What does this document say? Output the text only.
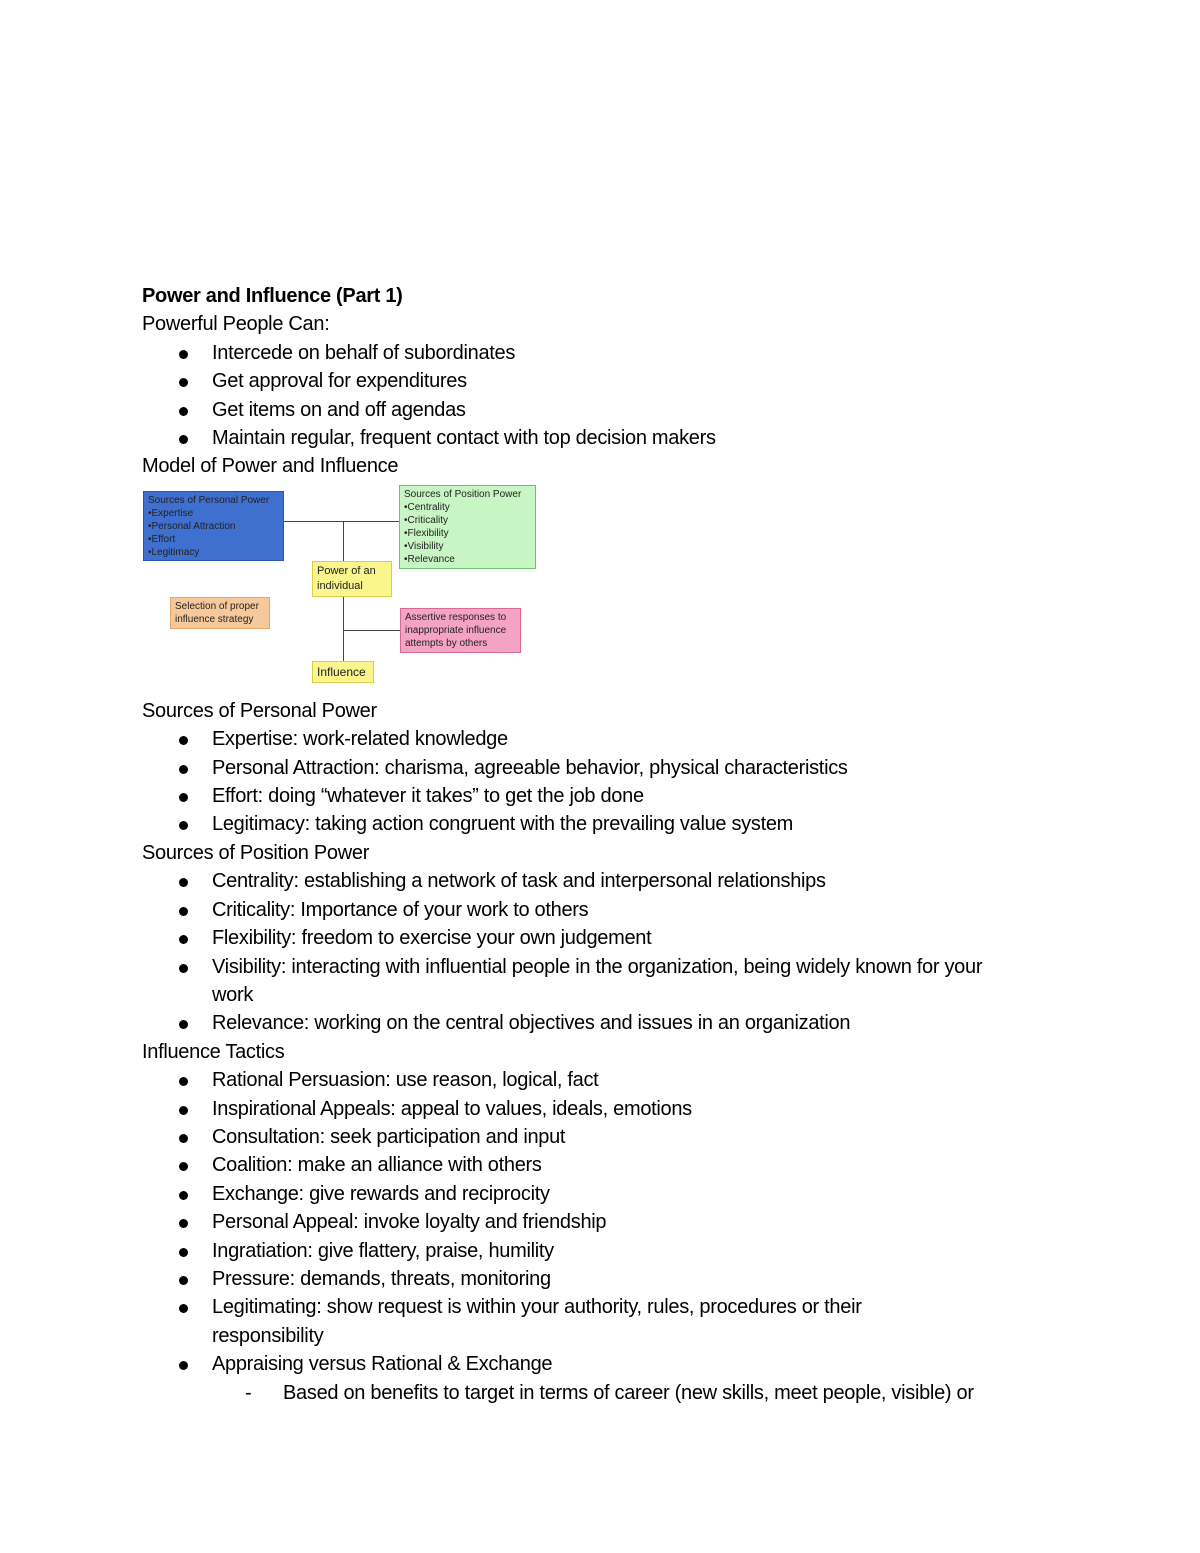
Power and Influence (Part 1)
Powerful People Can:
Intercede on behalf of subordinates
Get approval for expenditures
Get items on and off agendas
Maintain regular, frequent contact with top decision makers
Model of Power and Influence
Sources of Personal Power
•Expertise
•Personal Attraction
•Effort
•Legitimacy
Sources of Position Power
•Centrality
•Criticality
•Flexibility
•Visibility
•Relevance
Power of an
individual
Selection of proper
influence strategy	Assertive responses to
inappropriate influence
attempts by others
Influence
Sources of Personal Power
Expertise: work-related knowledge
Personal Attraction: charisma, agreeable behavior, physical characteristics
Effort: doing “whatever it takes” to get the job done
Legitimacy: taking action congruent with the prevailing value system
Sources of Position Power
Centrality: establishing a network of task and interpersonal relationships
Criticality: Importance of your work to others
Flexibility: freedom to exercise your own judgement
Visibility: interacting with influential people in the organization, being widely known for your work
Relevance: working on the central objectives and issues in an organization
Influence Tactics
Rational Persuasion: use reason, logical, fact
Inspirational Appeals: appeal to values, ideals, emotions
Consultation: seek participation and input
Coalition: make an alliance with others
Exchange: give rewards and reciprocity
Personal Appeal: invoke loyalty and friendship
Ingratiation: give flattery, praise, humility
Pressure: demands, threats, monitoring
Legitimating: show request is within your authority, rules, procedures or their responsibility
Appraising versus Rational & Exchange
- Based on benefits to target in terms of career (new skills, meet people, visible) or
